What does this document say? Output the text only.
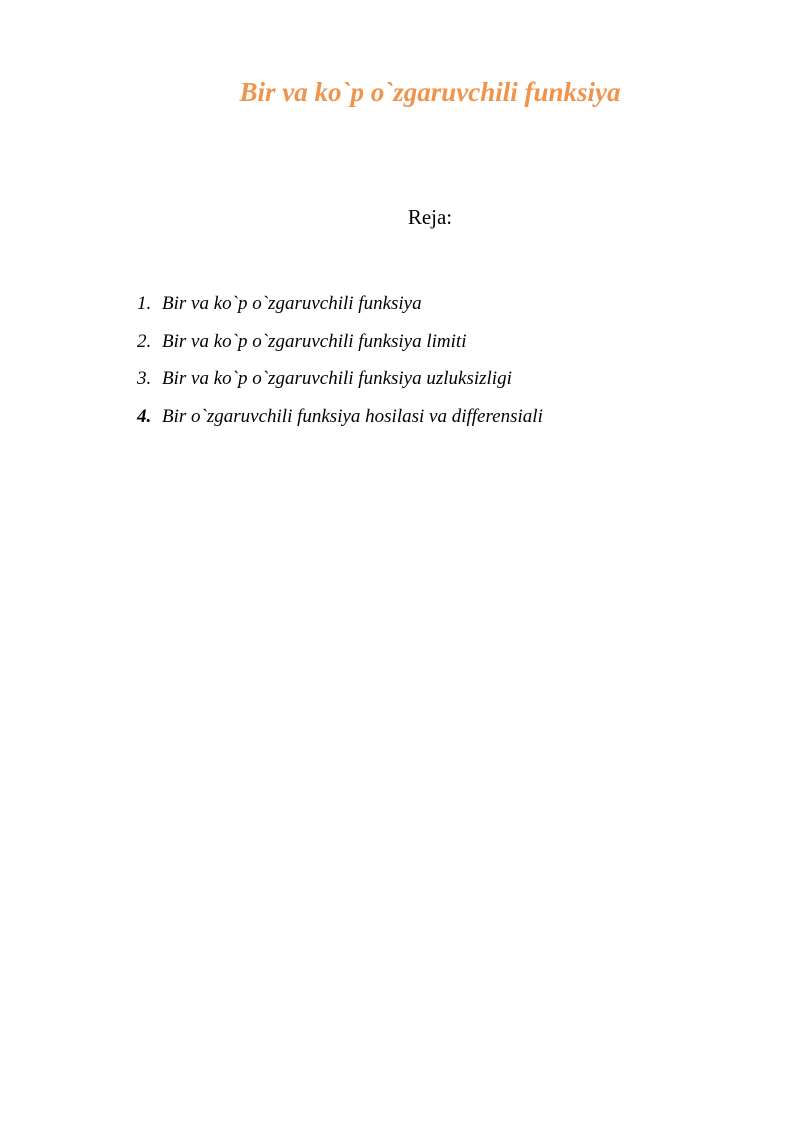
Bir va ko`p o`zgaruvchili funksiya

Reja:

1. Bir va ko`p o`zgaruvchili funksiya
2. Bir va ko`p o`zgaruvchili funksiya limiti
3. Bir va ko`p o`zgaruvchili funksiya uzluksizligi
4. Bir o`zgaruvchili funksiya hosilasi va differensiali
